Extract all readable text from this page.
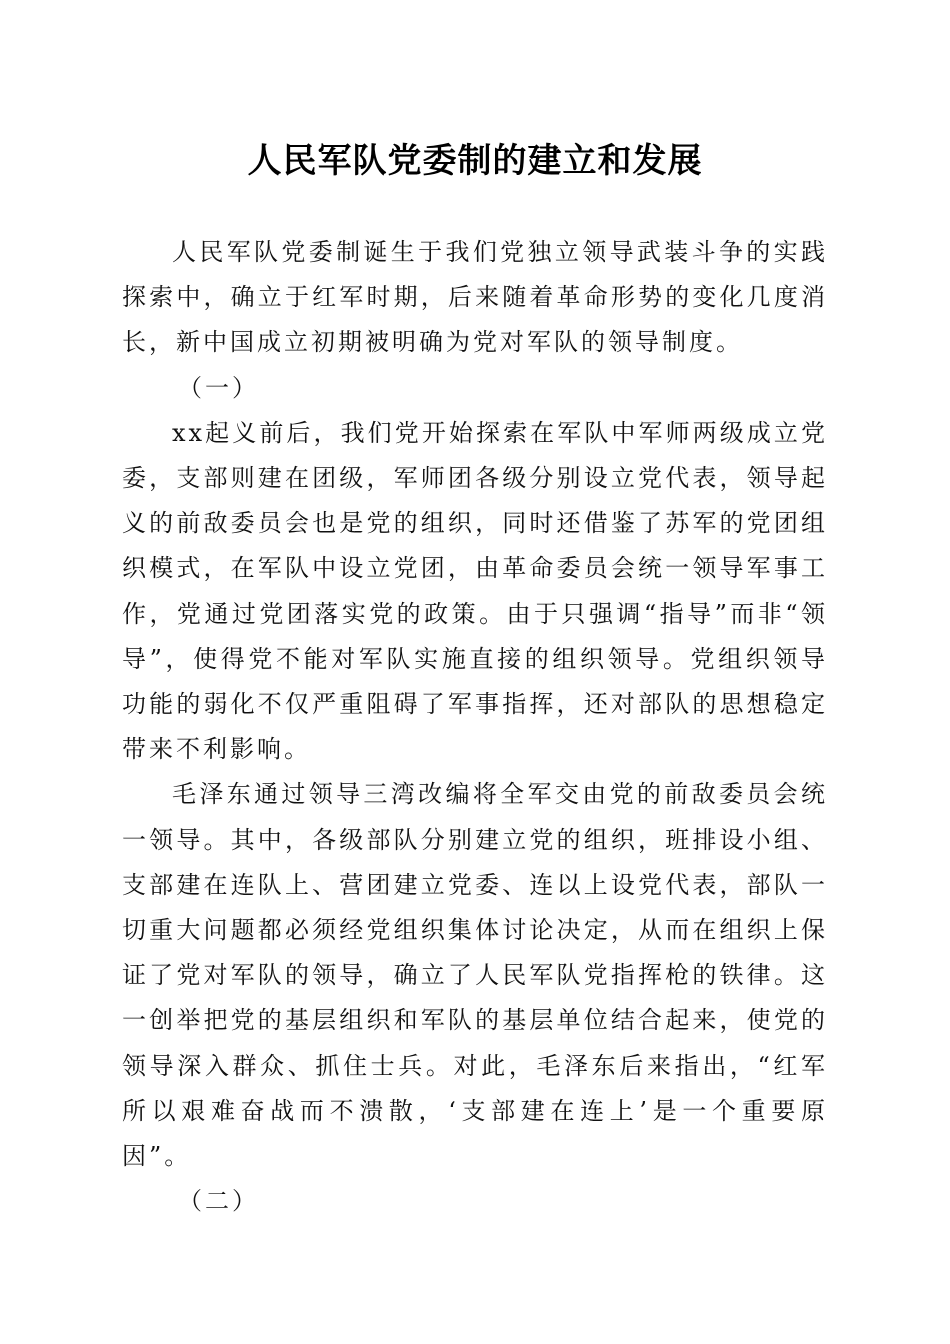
人民军队党委制的建立和发展

人民军队党委制诞生于我们党独立领导武装斗争的实践探索中，确立于红军时期，后来随着革命形势的变化几度消长，新中国成立初期被明确为党对军队的领导制度。

（一）

xx起义前后，我们党开始探索在军队中军师两级成立党委，支部则建在团级，军师团各级分别设立党代表，领导起义的前敌委员会也是党的组织，同时还借鉴了苏军的党团组织模式，在军队中设立党团，由革命委员会统一领导军事工作，党通过党团落实党的政策。由于只强调“指导”而非“领导”，使得党不能对军队实施直接的组织领导。党组织领导功能的弱化不仅严重阻碍了军事指挥，还对部队的思想稳定带来不利影响。

毛泽东通过领导三湾改编将全军交由党的前敌委员会统一领导。其中，各级部队分别建立党的组织，班排设小组、支部建在连队上、营团建立党委、连以上设党代表，部队一切重大问题都必须经党组织集体讨论决定，从而在组织上保证了党对军队的领导，确立了人民军队党指挥枪的铁律。这一创举把党的基层组织和军队的基层单位结合起来，使党的领导深入群众、抓住士兵。对此，毛泽东后来指出，“红军所以艰难奋战而不溃散，‘支部建在连上’是一个重要原因”。

（二）
